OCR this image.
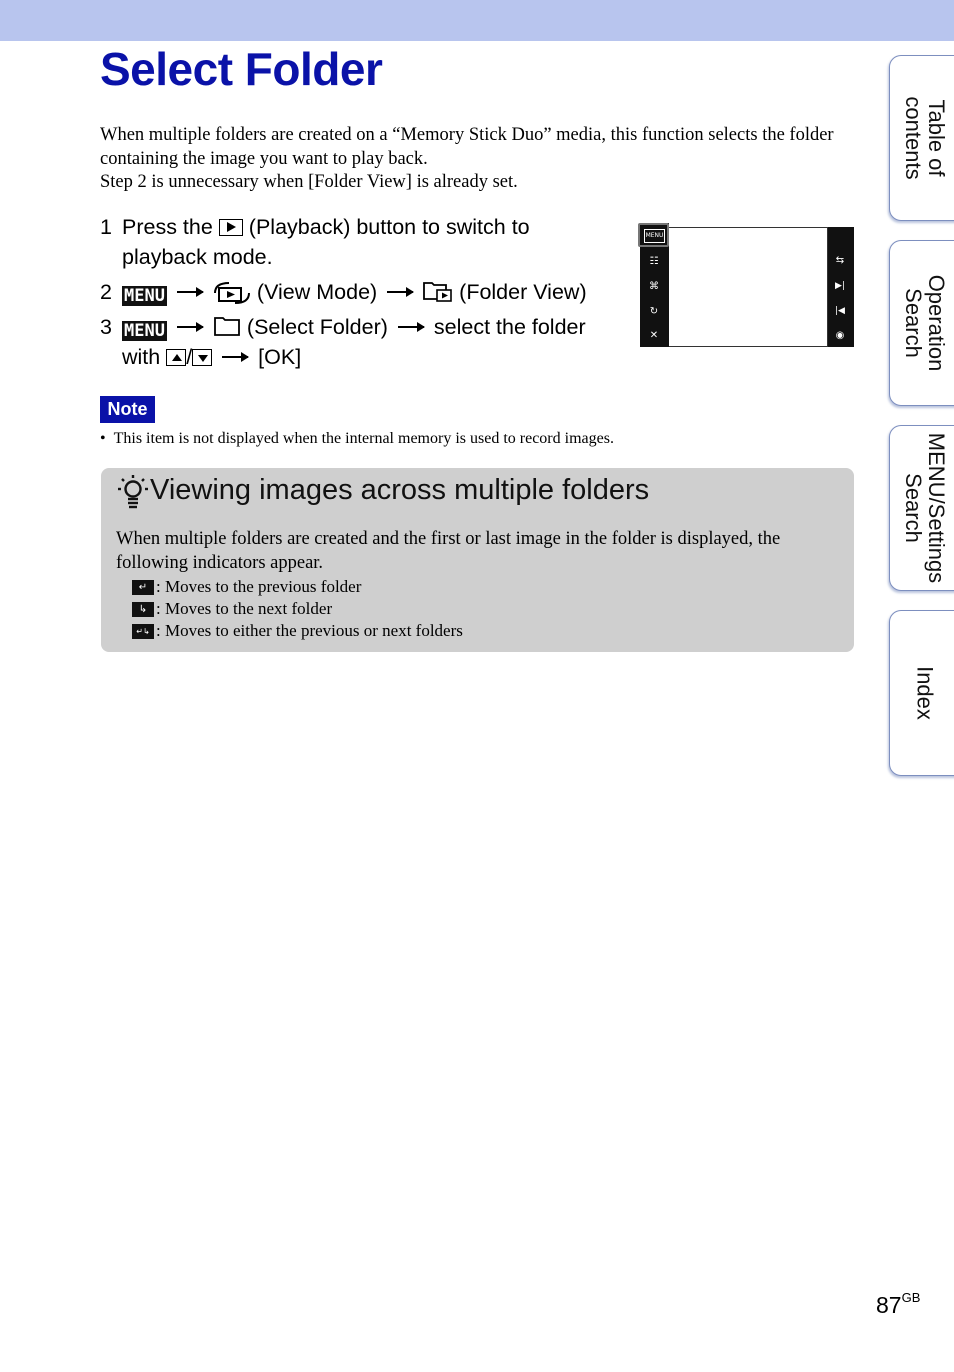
Select Folder

When multiple folders are created on a “Memory Stick Duo” media, this function selects the folder containing the image you want to play back.

Step 2 is unnecessary when [Folder View] is already set.

1 Press the (Playback) button to switch to playback mode.
2 MENU	(View Mode)	(Folder View)
3 MENU	(Select Folder) select the folder
with /	[OK]
MENU
☷
⌘
↻
✕
⇆
▶|
|◀
◉
Note
• This item is not displayed when the internal memory is used to record images.
Viewing images across multiple folders
When multiple folders are created and the first or last image in the folder is displayed, the following indicators appear.
↵ : Moves to the previous folder
↳ : Moves to the next folder
↵↳ : Moves to either the previous or next folders
Table of contents
Operation Search
MENU/Settings Search
Index
$87^{GB}$
